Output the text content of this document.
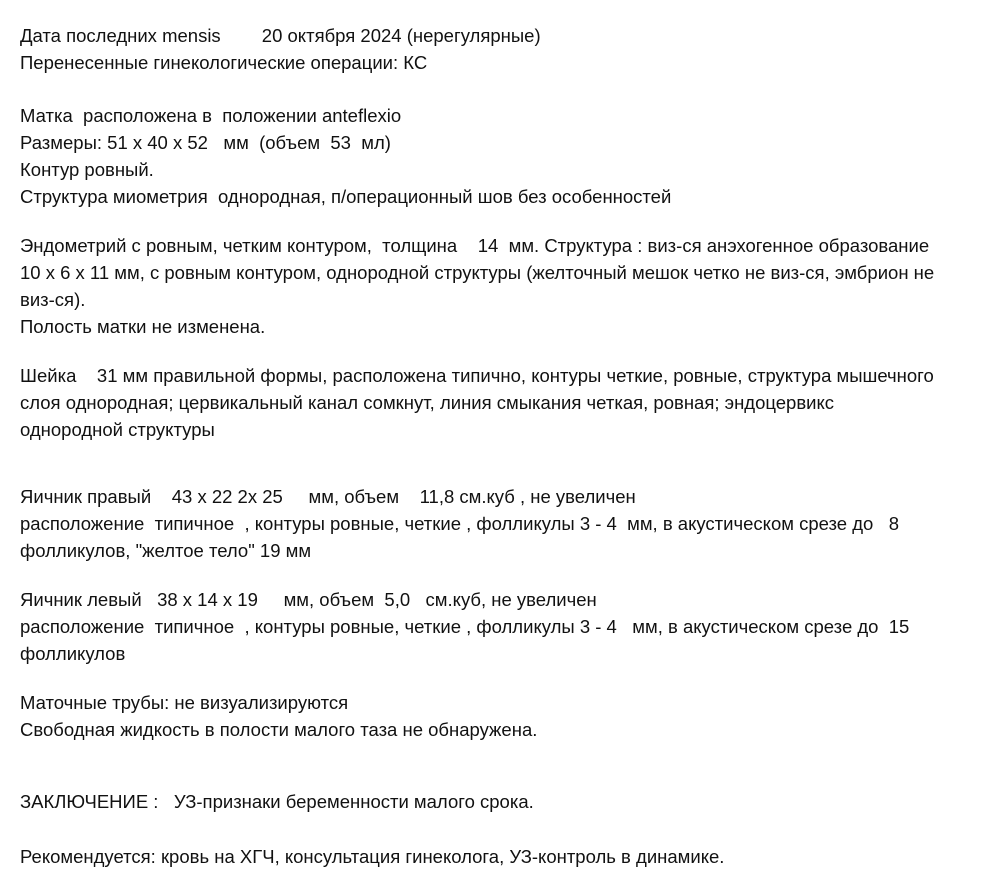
Дата последних mensis        20 октября 2024 (нерегулярные)
Перенесенные гинекологические операции: КС
Матка  расположена в  положении anteflexio
Размеры: 51 х 40 х 52   мм  (объем  53  мл)
Контур ровный.
Структура миометрия  однородная, п/операционный шов без особенностей
Эндометрий с ровным, четким контуром,  толщина    14  мм. Структура : виз-ся анэхогенное образование
10 х 6 х 11 мм, с ровным контуром, однородной структуры (желточный мешок четко не виз-ся, эмбрион не
виз-ся).
Полость матки не изменена.
Шейка    31 мм правильной формы, расположена типично, контуры четкие, ровные, структура мышечного
слоя однородная; цервикальный канал сомкнут, линия смыкания четкая, ровная; эндоцервикс
однородной структуры
Яичник правый    43 х 22 2х 25     мм, объем    11,8 см.куб , не увеличен
расположение  типичное  , контуры ровные, четкие , фолликулы 3 - 4  мм, в акустическом срезе до   8
фолликулов, "желтое тело" 19 мм
Яичник левый   38 х 14 х 19     мм, объем  5,0   см.куб, не увеличен
расположение  типичное  , контуры ровные, четкие , фолликулы 3 - 4   мм, в акустическом срезе до  15
фолликулов
Маточные трубы: не визуализируются
Свободная жидкость в полости малого таза не обнаружена.
ЗАКЛЮЧЕНИЕ :   УЗ-признаки беременности малого срока.
Рекомендуется: кровь на ХГЧ, консультация гинеколога, УЗ-контроль в динамике.
